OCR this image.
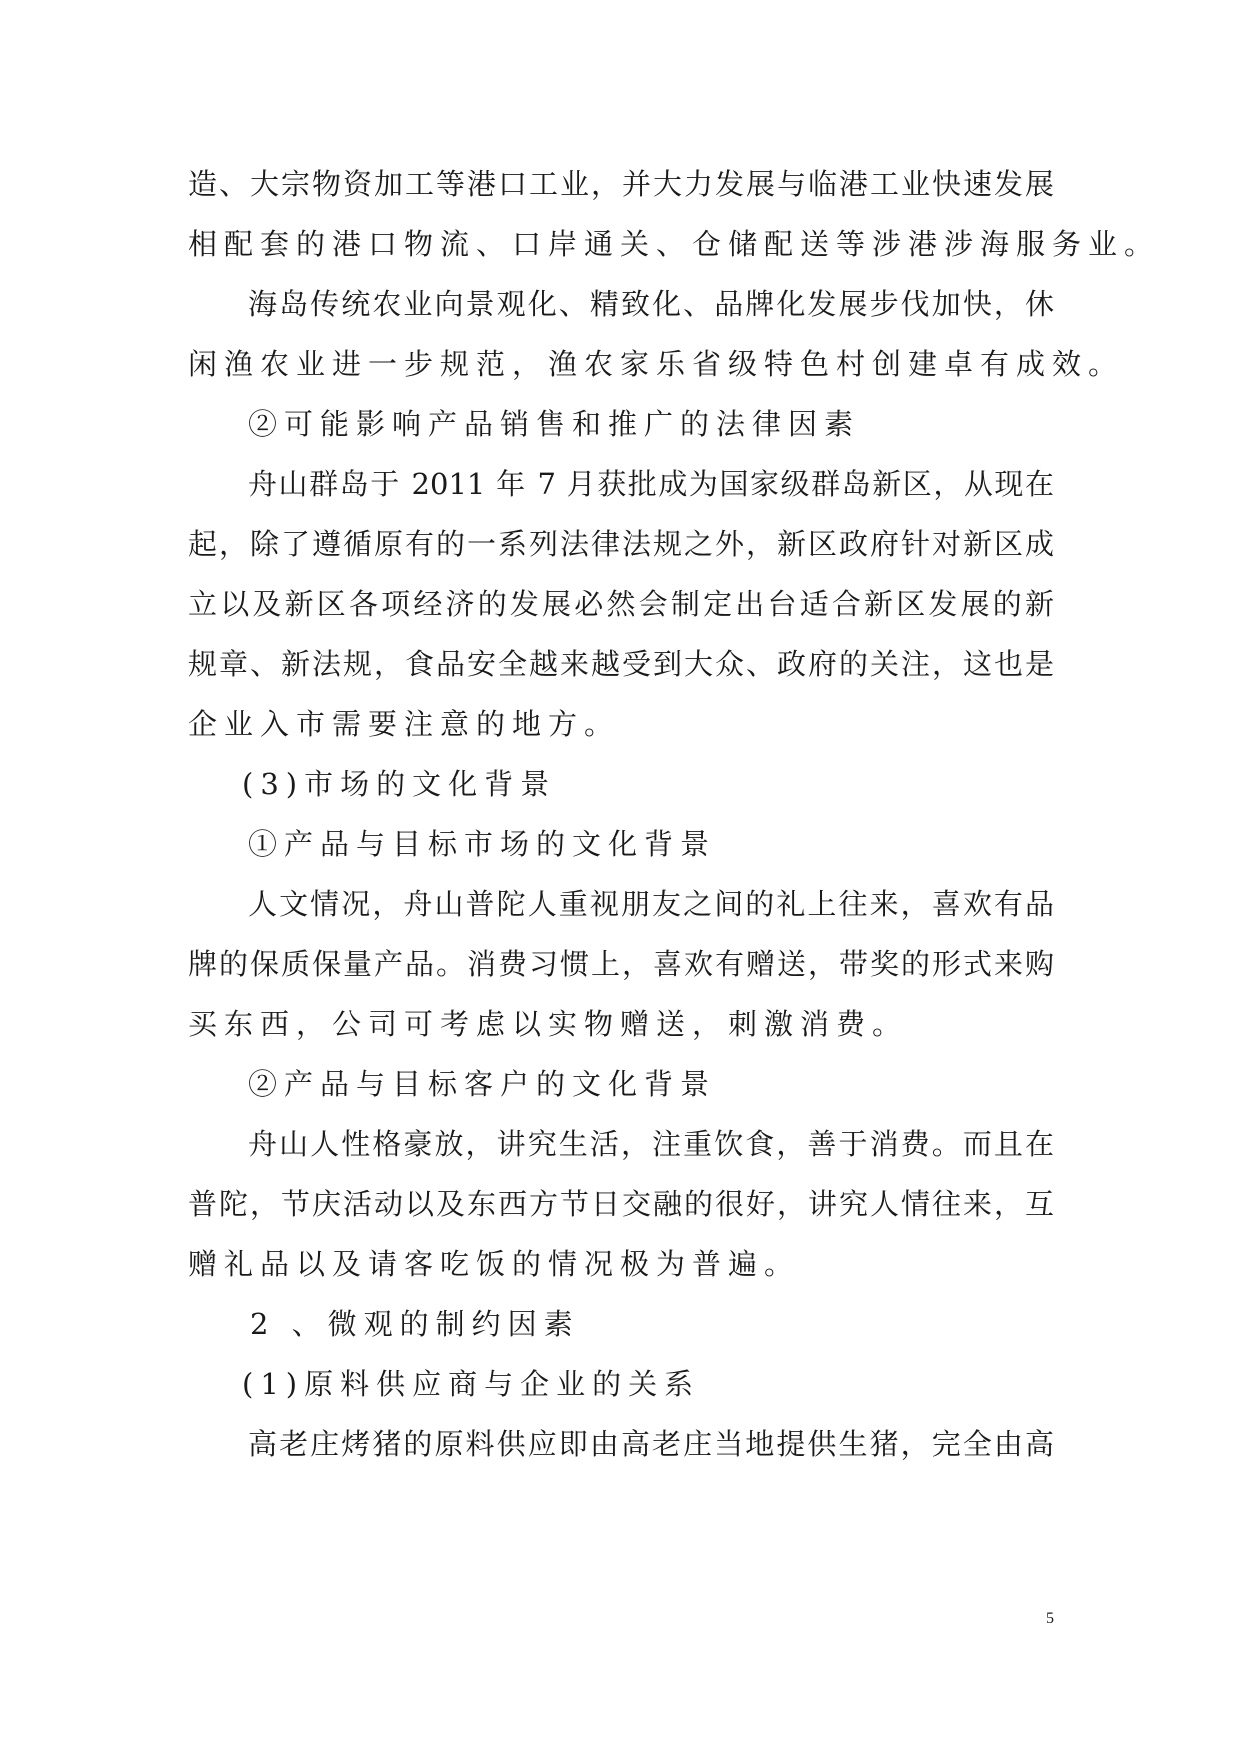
造、大宗物资加工等港口工业，并大力发展与临港工业快速发展
相配套的港口物流、口岸通关、仓储配送等涉港涉海服务业。
海岛传统农业向景观化、精致化、品牌化发展步伐加快，休
闲渔农业进一步规范，渔农家乐省级特色村创建卓有成效。
②可能影响产品销售和推广的法律因素
舟山群岛于 2011 年 7 月获批成为国家级群岛新区，从现在
起，除了遵循原有的一系列法律法规之外，新区政府针对新区成
立以及新区各项经济的发展必然会制定出台适合新区发展的新
规章、新法规，食品安全越来越受到大众、政府的关注，这也是
企业入市需要注意的地方。
(3)市场的文化背景
①产品与目标市场的文化背景
人文情况，舟山普陀人重视朋友之间的礼上往来，喜欢有品
牌的保质保量产品。消费习惯上，喜欢有赠送，带奖的形式来购
买东西，公司可考虑以实物赠送，刺激消费。
②产品与目标客户的文化背景
舟山人性格豪放，讲究生活，注重饮食，善于消费。而且在
普陀，节庆活动以及东西方节日交融的很好，讲究人情往来，互
赠礼品以及请客吃饭的情况极为普遍。
2 、微观的制约因素
(1)原料供应商与企业的关系
高老庄烤猪的原料供应即由高老庄当地提供生猪，完全由高
5
